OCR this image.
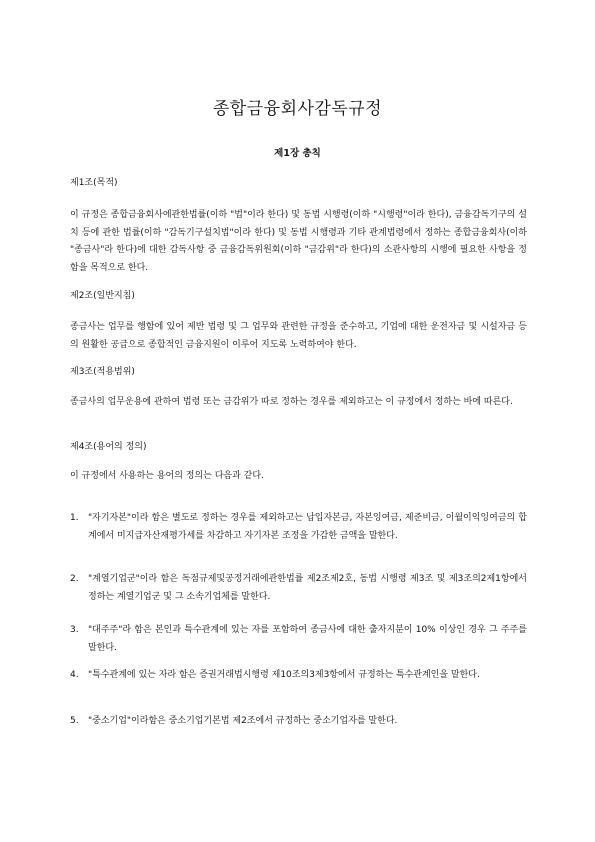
종합금융회사감독규정
제1장 총칙
제1조(목적)
이 규정은 종합금융회사에관한법률(이하 "법"이라 한다) 및 동법 시행령(이하 "시행령"이라 한다), 금융감독기구의 설치 등에 관한 법률(이하 "감독기구설치법"이라 한다) 및 동법 시행령과 기타 관계법령에서 정하는 종합금융회사(이하 "종금사"라 한다)에 대한 감독사항 중 금융감독위원회(이하 "금감위"라 한다)의 소관사항의 시행에 필요한 사항을 정함을 목적으로 한다.
제2조(일반지침)
종금사는 업무를 행함에 있어 제반 법령 및 그 업무와 관련한 규정을 준수하고, 기업에 대한 운전자금 및 시설자금 등의 원활한 공급으로 종합적인 금융지원이 이루어 지도록 노력하여야 한다.
제3조(적용범위)
종금사의 업무운용에 관하여 법령 또는 금감위가 따로 정하는 경우를 제외하고는 이 규정에서 정하는 바에 따른다.
제4조(용어의 정의)
이 규정에서 사용하는 용어의 정의는 다음과 같다.
1.	"자기자본"이라 함은 별도로 정하는 경우를 제외하고는 납입자본금, 자본잉여금, 제준비금, 이월이익잉여금의 합계에서 미지급자산재평가세를 차감하고 자기자본 조정을 가감한 금액을 말한다.
2.	"계열기업군"이라 함은 독점규제및공정거래에관한법률 제2조제2호, 동법 시행령 제3조 및 제3조의2제1항에서 정하는 계열기업군 및 그 소속기업체를 말한다.
3.	"대주주"라 함은 본인과 특수관계에 있는 자를 포함하여 종금사에 대한 출자지분이 10% 이상인 경우 그 주주를 말한다.
4.	"특수관계에 있는 자라 함은 증권거래법시행령 제10조의3제3항에서 규정하는 특수관계인을 말한다.
5.	"중소기업"이라함은 중소기업기본법 제2조에서 규정하는 중소기업자를 말한다.
